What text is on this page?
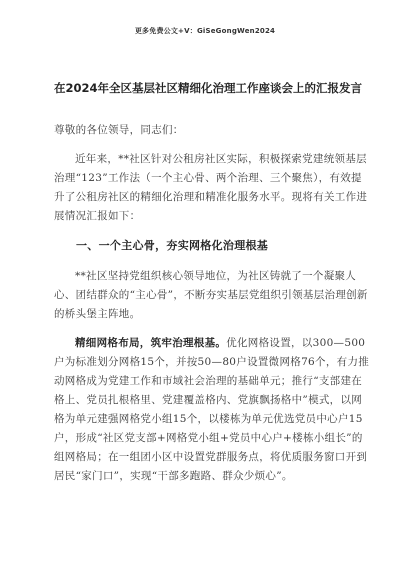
更多免费公文+V：GiSeGongWen2024
在2024年全区基层社区精细化治理工作座谈会上的汇报发言

尊敬的各位领导，同志们：

近年来，**社区针对公租房社区实际，积极探索党建统领基层治理“123”工作法（一个主心骨、两个治理、三个聚焦），有效提升了公租房社区的精细化治理和精准化服务水平。现将有关工作进展情况汇报如下：

一、一个主心骨，夯实网格化治理根基

**社区坚持党组织核心领导地位，为社区铸就了一个凝聚人心、团结群众的“主心骨”，不断夯实基层党组织引领基层治理创新的桥头堡主阵地。

精细网格布局，筑牢治理根基。优化网格设置，以300—500户为标准划分网格15个，并按50—80户设置微网格76个，有力推动网格成为党建工作和市域社会治理的基础单元；推行“支部建在格上、党员扎根格里、党建覆盖格内、党旗飘扬格中”模式，以网格为单元建强网格党小组15个，以楼栋为单元优选党员中心户15户，形成“社区党支部+网格党小组+党员中心户+楼栋小组长”的组网格局；在一组团小区中设置党群服务点，将优质服务窗口开到居民“家门口”，实现“干部多跑路、群众少烦心”。
